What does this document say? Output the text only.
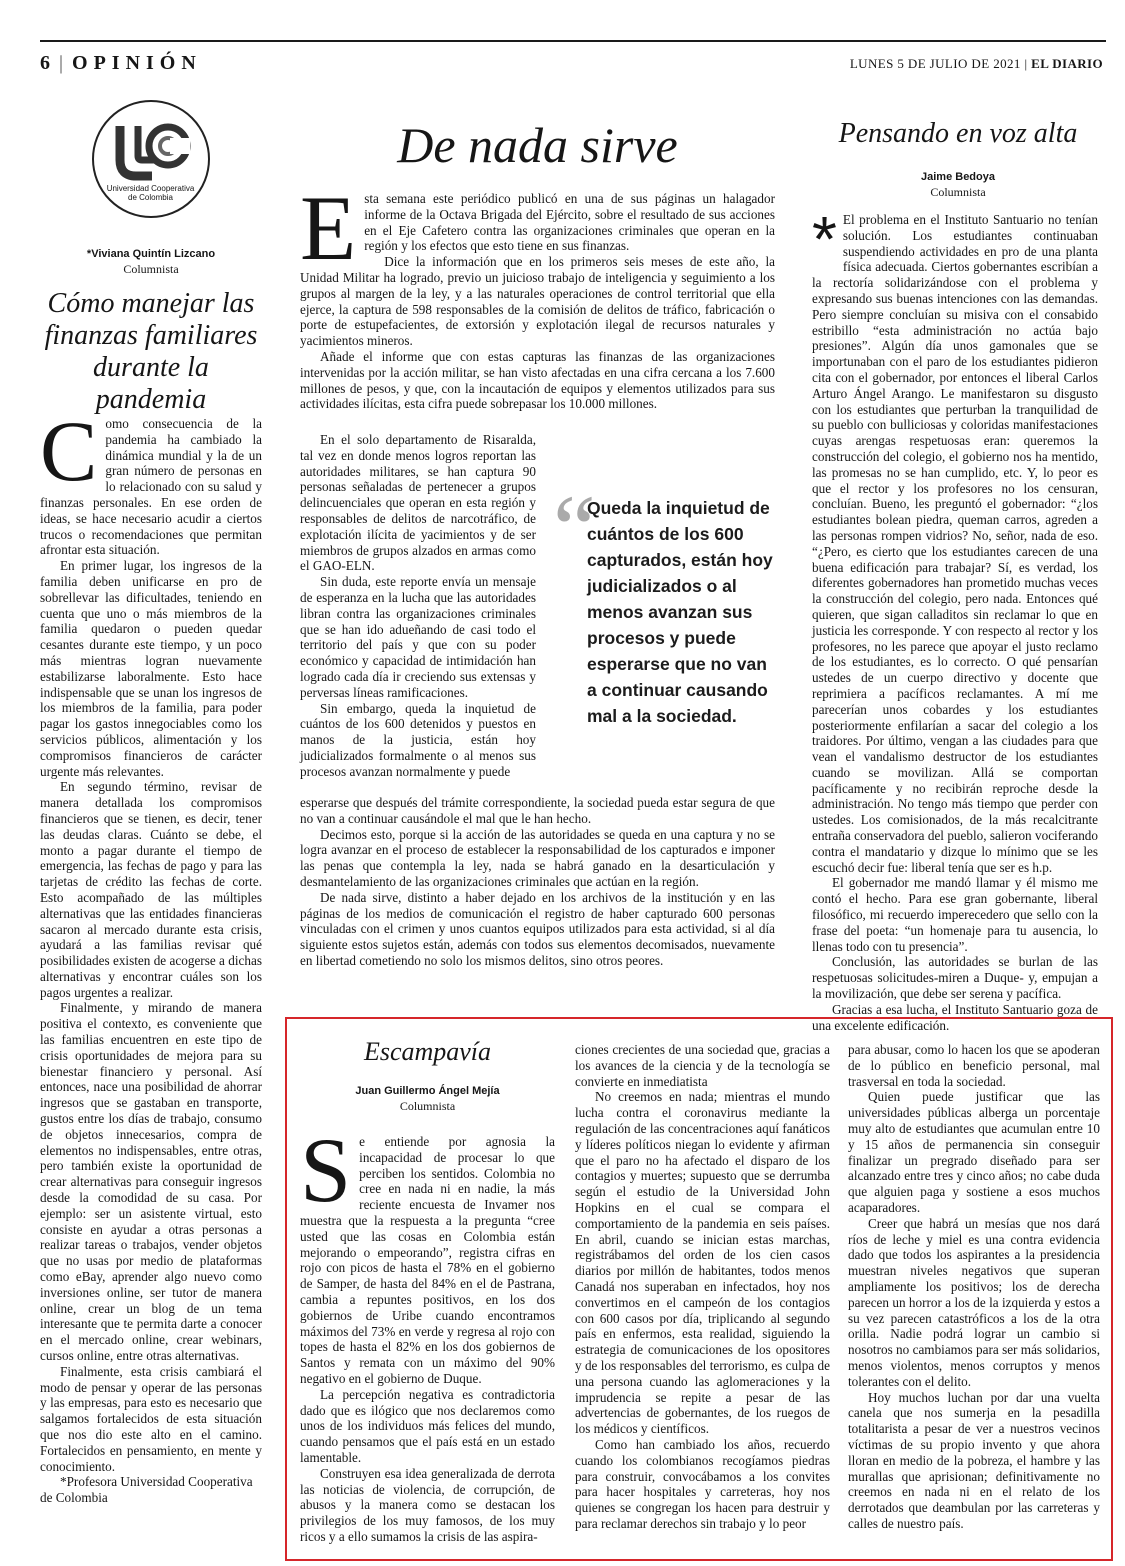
6 | OPINIÓN	LUNES 5 DE JULIO DE 2021 | EL DIARIO
Universidad Cooperativa de Colombia
*Viviana Quintín Lizcano
Columnista
Cómo manejar las finanzas familiares durante la pandemia

Como consecuencia de la pandemia ha cambiado la dinámica mundial y la de un gran número de personas en lo relacionado con su salud y finanzas personales. En ese orden de ideas, se hace necesario acudir a ciertos trucos o recomendaciones que permitan afrontar esta situación.

En primer lugar, los ingresos de la familia deben unificarse en pro de sobrellevar las dificultades, teniendo en cuenta que uno o más miembros de la familia quedaron o pueden quedar cesantes durante este tiempo, y un poco más mientras logran nuevamente estabilizarse laboralmente. Esto hace indispensable que se unan los ingresos de los miembros de la familia, para poder pagar los gastos innegociables como los servicios públicos, alimentación y los compromisos financieros de carácter urgente más relevantes.

En segundo término, revisar de manera detallada los compromisos financieros que se tienen, es decir, tener las deudas claras. Cuánto se debe, el monto a pagar durante el tiempo de emergencia, las fechas de pago y para las tarjetas de crédito las fechas de corte. Esto acompañado de las múltiples alternativas que las entidades financieras sacaron al mercado durante esta crisis, ayudará a las familias revisar qué posibilidades existen de acogerse a dichas alternativas y encontrar cuáles son los pagos urgentes a realizar.

Finalmente, y mirando de manera positiva el contexto, es conveniente que las familias encuentren en este tipo de crisis oportunidades de mejora para su bienestar financiero y personal. Así entonces, nace una posibilidad de ahorrar ingresos que se gastaban en transporte, gustos entre los días de trabajo, consumo de objetos innecesarios, compra de elementos no indispensables, entre otras, pero también existe la oportunidad de crear alternativas para conseguir ingresos desde la comodidad de su casa. Por ejemplo: ser un asistente virtual, esto consiste en ayudar a otras personas a realizar tareas o trabajos, vender objetos que no usas por medio de plataformas como eBay, aprender algo nuevo como inversiones online, ser tutor de manera online, crear un blog de un tema interesante que te permita darte a conocer en el mercado online, crear webinars, cursos online, entre otras alternativas.

Finalmente, esta crisis cambiará el modo de pensar y operar de las personas y las empresas, para esto es necesario que salgamos fortalecidos de esta situación que nos dio este alto en el camino. Fortalecidos en pensamiento, en mente y conocimiento.

*Profesora Universidad Cooperativa de Colombia

De nada sirve

Esta semana este periódico publicó en una de sus páginas un halagador informe de la Octava Brigada del Ejército, sobre el resultado de sus acciones en el Eje Cafetero contra las organizaciones criminales que operan en la región y los efectos que esto tiene en sus finanzas.

Dice la información que en los primeros seis meses de este año, la Unidad Militar ha logrado, previo un juicioso trabajo de inteligencia y seguimiento a los grupos al margen de la ley, y a las naturales operaciones de control territorial que ella ejerce, la captura de 598 responsables de la comisión de delitos de tráfico, fabricación o porte de estupefacientes, de extorsión y explotación ilegal de recursos naturales y yacimientos mineros.

Añade el informe que con estas capturas las finanzas de las organizaciones intervenidas por la acción militar, se han visto afectadas en una cifra cercana a los 7.600 millones de pesos, y que, con la incautación de equipos y elementos utilizados para sus actividades ilícitas, esta cifra puede sobrepasar los 10.000 millones.

En el solo departamento de Risaralda, tal vez en donde menos logros reportan las autoridades militares, se han captura 90 personas señaladas de pertenecer a grupos delincuenciales que operan en esta región y responsables de delitos de narcotráfico, de explotación ilícita de yacimientos y de ser miembros de grupos alzados en armas como el GAO-ELN.

Sin duda, este reporte envía un mensaje de esperanza en la lucha que las autoridades libran contra las organizaciones criminales que se han ido adueñando de casi todo el territorio del país y que con su poder económico y capacidad de intimidación han logrado cada día ir creciendo sus extensas y perversas líneas ramificaciones.

Sin embargo, queda la inquietud de cuántos de los 600 detenidos y puestos en manos de la justicia, están hoy judicializados formalmente o al menos sus procesos avanzan normalmente y puede

“
Queda la inquietud de cuántos de los 600 capturados, están hoy judicializados o al menos avanzan sus procesos y puede esperarse que no van a continuar causando mal a la sociedad.

esperarse que después del trámite correspondiente, la sociedad pueda estar segura de que no van a continuar causándole el mal que le han hecho.

Decimos esto, porque si la acción de las autoridades se queda en una captura y no se logra avanzar en el proceso de establecer la responsabilidad de los capturados e imponer las penas que contempla la ley, nada se habrá ganado en la desarticulación y desmantelamiento de las organizaciones criminales que actúan en la región.

De nada sirve, distinto a haber dejado en los archivos de la institución y en las páginas de los medios de comunicación el registro de haber capturado 600 personas vinculadas con el crimen y unos cuantos equipos utilizados para esta actividad, si al día siguiente estos sujetos están, además con todos sus elementos decomisados, nuevamente en libertad cometiendo no solo los mismos delitos, sino otros peores.

Pensando en voz alta
Jaime Bedoya
Columnista

* El problema en el Instituto Santuario no tenían solución. Los estudiantes continuaban suspendiendo actividades en pro de una planta física adecuada. Ciertos gobernantes escribían a la rectoría solidarizándose con el problema y expresando sus buenas intenciones con las demandas. Pero siempre concluían su misiva con el consabido estribillo “esta administración no actúa bajo presiones”. Algún día unos gamonales que se importunaban con el paro de los estudiantes pidieron cita con el gobernador, por entonces el liberal Carlos Arturo Ángel Arango. Le manifestaron su disgusto con los estudiantes que perturban la tranquilidad de su pueblo con bulliciosas y coloridas manifestaciones cuyas arengas respetuosas eran: queremos la construcción del colegio, el gobierno nos ha mentido, las promesas no se han cumplido, etc. Y, lo peor es que el rector y los profesores no los censuran, concluían. Bueno, les preguntó el gobernador: “¿los estudiantes bolean piedra, queman carros, agreden a las personas rompen vidrios? No, señor, nada de eso. “¿Pero, es cierto que los estudiantes carecen de una buena edificación para trabajar? Sí, es verdad, los diferentes gobernadores han prometido muchas veces la construcción del colegio, pero nada. Entonces qué quieren, que sigan calladitos sin reclamar lo que en justicia les corresponde. Y con respecto al rector y los profesores, no les parece que apoyar el justo reclamo de los estudiantes, es lo correcto. O qué pensarían ustedes de un cuerpo directivo y docente que reprimiera a pacíficos reclamantes. A mí me parecerían unos cobardes y los estudiantes posteriormente enfilarían a sacar del colegio a los traidores. Por último, vengan a las ciudades para que vean el vandalismo destructor de los estudiantes cuando se movilizan. Allá se comportan pacíficamente y no recibirán reproche desde la administración. No tengo más tiempo que perder con ustedes. Los comisionados, de la más recalcitrante entraña conservadora del pueblo, salieron vociferando contra el mandatario y dizque lo mínimo que se les escuchó decir fue: liberal tenía que ser es h.p.

El gobernador me mandó llamar y él mismo me contó el hecho. Para ese gran gobernante, liberal filosófico, mi recuerdo imperecedero que sello con la frase del poeta: “un homenaje para tu ausencia, lo llenas todo con tu presencia”.

Conclusión, las autoridades se burlan de las respetuosas solicitudes-miren a Duque- y, empujan a la movilización, que debe ser serena y pacífica.

Gracias a esa lucha, el Instituto Santuario goza de una excelente edificación.

Escampavía
Juan Guillermo Ángel Mejía
Columnista

Se entiende por agnosia la incapacidad de procesar lo que perciben los sentidos. Colombia no cree en nada ni en nadie, la más reciente encuesta de Invamer nos muestra que la respuesta a la pregunta “cree usted que las cosas en Colombia están mejorando o empeorando”, registra cifras en rojo con picos de hasta el 78% en el gobierno de Samper, de hasta del 84% en el de Pastrana, cambia a repuntes positivos, en los dos gobiernos de Uribe cuando encontramos máximos del 73% en verde y regresa al rojo con topes de hasta el 82% en los dos gobiernos de Santos y remata con un máximo del 90% negativo en el gobierno de Duque.

La percepción negativa es contradictoria dado que es ilógico que nos declaremos como unos de los individuos más felices del mundo, cuando pensamos que el país está en un estado lamentable.

Construyen esa idea generalizada de derrota las noticias de violencia, de corrupción, de abusos y la manera como se destacan los privilegios de los muy famosos, de los muy ricos y a ello sumamos la crisis de las aspira-

ciones crecientes de una sociedad que, gracias a los avances de la ciencia y de la tecnología se convierte en inmediatista

No creemos en nada; mientras el mundo lucha contra el coronavirus mediante la regulación de las concentraciones aquí fanáticos y líderes políticos niegan lo evidente y afirman que el paro no ha afectado el disparo de los contagios y muertes; supuesto que se derrumba según el estudio de la Universidad John Hopkins en el cual se compara el comportamiento de la pandemia en seis países. En abril, cuando se inician estas marchas, registrábamos del orden de los cien casos diarios por millón de habitantes, todos menos Canadá nos superaban en infectados, hoy nos convertimos en el campeón de los contagios con 600 casos por día, triplicando al segundo país en enfermos, esta realidad, siguiendo la estrategia de comunicaciones de los opositores y de los responsables del terrorismo, es culpa de una persona cuando las aglomeraciones y la imprudencia se repite a pesar de las advertencias de gobernantes, de los ruegos de los médicos y científicos.

Como han cambiado los años, recuerdo cuando los colombianos recogíamos piedras para construir, convocábamos a los convites para hacer hospitales y carreteras, hoy nos quienes se congregan los hacen para destruir y para reclamar derechos sin trabajo y lo peor

para abusar, como lo hacen los que se apoderan de lo público en beneficio personal, mal trasversal en toda la sociedad.

Quien puede justificar que las universidades públicas alberga un porcentaje muy alto de estudiantes que acumulan entre 10 y 15 años de permanencia sin conseguir finalizar un pregrado diseñado para ser alcanzado entre tres y cinco años; no cabe duda que alguien paga y sostiene a esos muchos acaparadores.

Creer que habrá un mesías que nos dará ríos de leche y miel es una contra evidencia dado que todos los aspirantes a la presidencia muestran niveles negativos que superan ampliamente los positivos; los de derecha parecen un horror a los de la izquierda y estos a su vez parecen catastróficos a los de la otra orilla. Nadie podrá lograr un cambio si nosotros no cambiamos para ser más solidarios, menos violentos, menos corruptos y menos tolerantes con el delito.

Hoy muchos luchan por dar una vuelta canela que nos sumerja en la pesadilla totalitarista a pesar de ver a nuestros vecinos víctimas de su propio invento y que ahora lloran en medio de la pobreza, el hambre y las murallas que aprisionan; definitivamente no creemos en nada ni en el relato de los derrotados que deambulan por las carreteras y calles de nuestro país.
